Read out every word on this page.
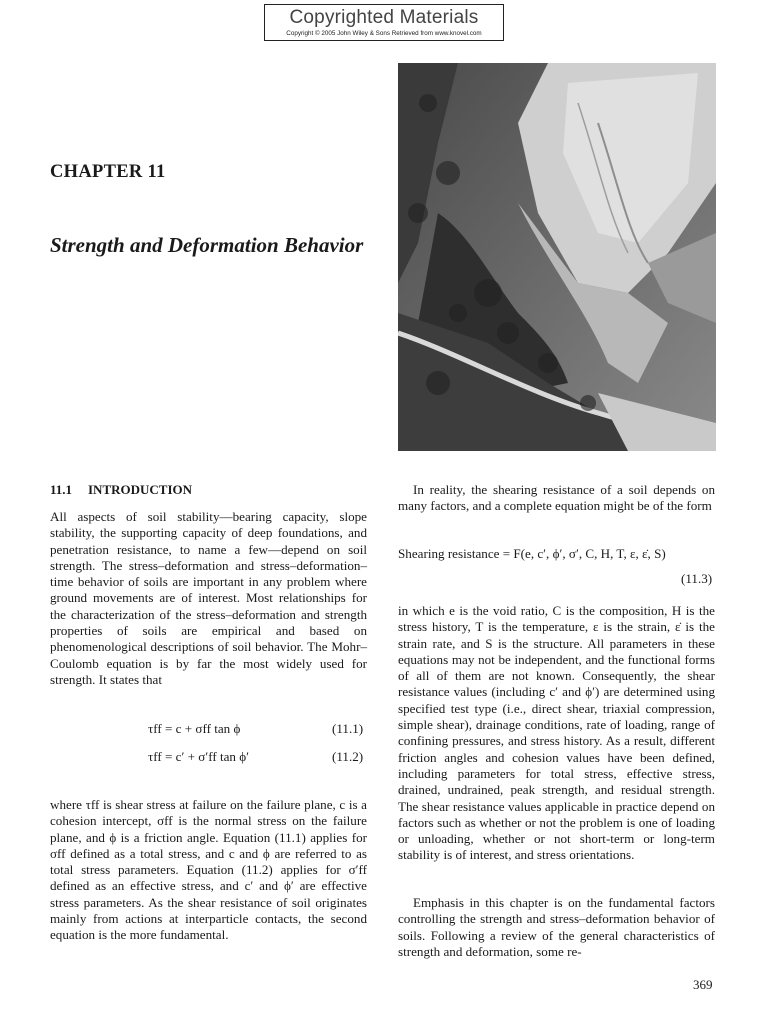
Copyrighted Materials
Copyright © 2005 John Wiley & Sons Retrieved from www.knovel.com
CHAPTER 11
Strength and Deformation Behavior
11.1 INTRODUCTION

All aspects of soil stability—bearing capacity, slope stability, the supporting capacity of deep foundations, and penetration resistance, to name a few—depend on soil strength. The stress–deformation and stress–deformation–time behavior of soils are important in any problem where ground movements are of interest. Most relationships for the characterization of the stress–deformation and strength properties of soils are empirical and based on phenomenological descriptions of soil behavior. The Mohr–Coulomb equation is by far the most widely used for strength. It states that

τff = c + σff tan ϕ	(11.1)
τff = c′ + σ′ff tan ϕ′	(11.2)

where τff is shear stress at failure on the failure plane, c is a cohesion intercept, σff is the normal stress on the failure plane, and ϕ is a friction angle. Equation (11.1) applies for σff defined as a total stress, and c and ϕ are referred to as total stress parameters. Equation (11.2) applies for σ′ff defined as an effective stress, and c′ and ϕ′ are effective stress parameters. As the shear resistance of soil originates mainly from actions at interparticle contacts, the second equation is the more fundamental.

In reality, the shearing resistance of a soil depends on many factors, and a complete equation might be of the form

Shearing resistance = F(e, c′, ϕ′, σ′, C, H, T, ε, ε̇, S)
(11.3)

in which e is the void ratio, C is the composition, H is the stress history, T is the temperature, ε is the strain, ε̇ is the strain rate, and S is the structure. All parameters in these equations may not be independent, and the functional forms of all of them are not known. Consequently, the shear resistance values (including c′ and ϕ′) are determined using specified test type (i.e., direct shear, triaxial compression, simple shear), drainage conditions, rate of loading, range of confining pressures, and stress history. As a result, different friction angles and cohesion values have been defined, including parameters for total stress, effective stress, drained, undrained, peak strength, and residual strength. The shear resistance values applicable in practice depend on factors such as whether or not the problem is one of loading or unloading, whether or not short-term or long-term stability is of interest, and stress orientations.

Emphasis in this chapter is on the fundamental factors controlling the strength and stress–deformation behavior of soils. Following a review of the general characteristics of strength and deformation, some re-

369
